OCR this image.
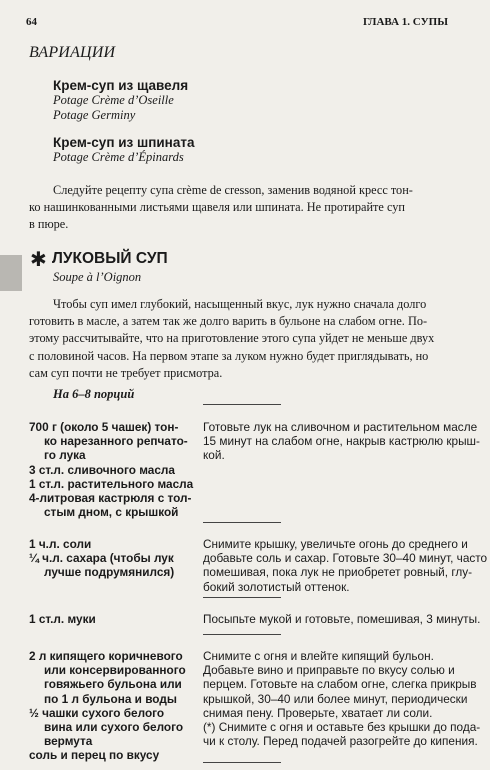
64	ГЛАВА 1. СУПЫ
ВАРИАЦИИ
Крем-суп из щавеля
Potage Crème d’Oseille
Potage Germiny
Крем-суп из шпината
Potage Crème d’Épinards
Следуйте рецепту супа crème de cresson, заменив водяной кресс тон-
ко нашинкованными листьями щавеля или шпината. Не протирайте суп
в пюре.
✱ ЛУКОВЫЙ СУП
Soupe à l’Oignon
Чтобы суп имел глубокий, насыщенный вкус, лук нужно сначала долго
готовить в масле, а затем так же долго варить в бульоне на слабом огне. По-
этому рассчитывайте, что на приготовление этого супа уйдет не меньше двух
с половиной часов. На первом этапе за луком нужно будет приглядывать, но
сам суп почти не требует присмотра.
На 6–8 порций
700 г (около 5 чашек) тон-
ко нарезанного репчато-
го лука
3 ст.л. сливочного масла
1 ст.л. растительного масла
4-литровая кастрюля с тол-
стым дном, с крышкой
Готовьте лук на сливочном и растительном масле
15 минут на слабом огне, накрыв кастрюлю крыш-
кой.
1 ч.л. соли
¼ ч.л. сахара (чтобы лук
лучше подрумянился)
Снимите крышку, увеличьте огонь до среднего и
добавьте соль и сахар. Готовьте 30–40 минут, часто
помешивая, пока лук не приобретет ровный, глу-
бокий золотистый оттенок.
1 ст.л. муки	Посыпьте мукой и готовьте, помешивая, 3 минуты.
2 л кипящего коричневого
или консервированного
говяжьего бульона или
по 1 л бульона и воды
½ чашки сухого белого
вина или сухого белого
вермута
соль и перец по вкусу
Снимите с огня и влейте кипящий бульон.
Добавьте вино и приправьте по вкусу солью и
перцем. Готовьте на слабом огне, слегка прикрыв
крышкой, 30–40 или более минут, периодически
снимая пену. Проверьте, хватает ли соли.
(*) Снимите с огня и оставьте без крышки до пода-
чи к столу. Перед подачей разогрейте до кипения.
